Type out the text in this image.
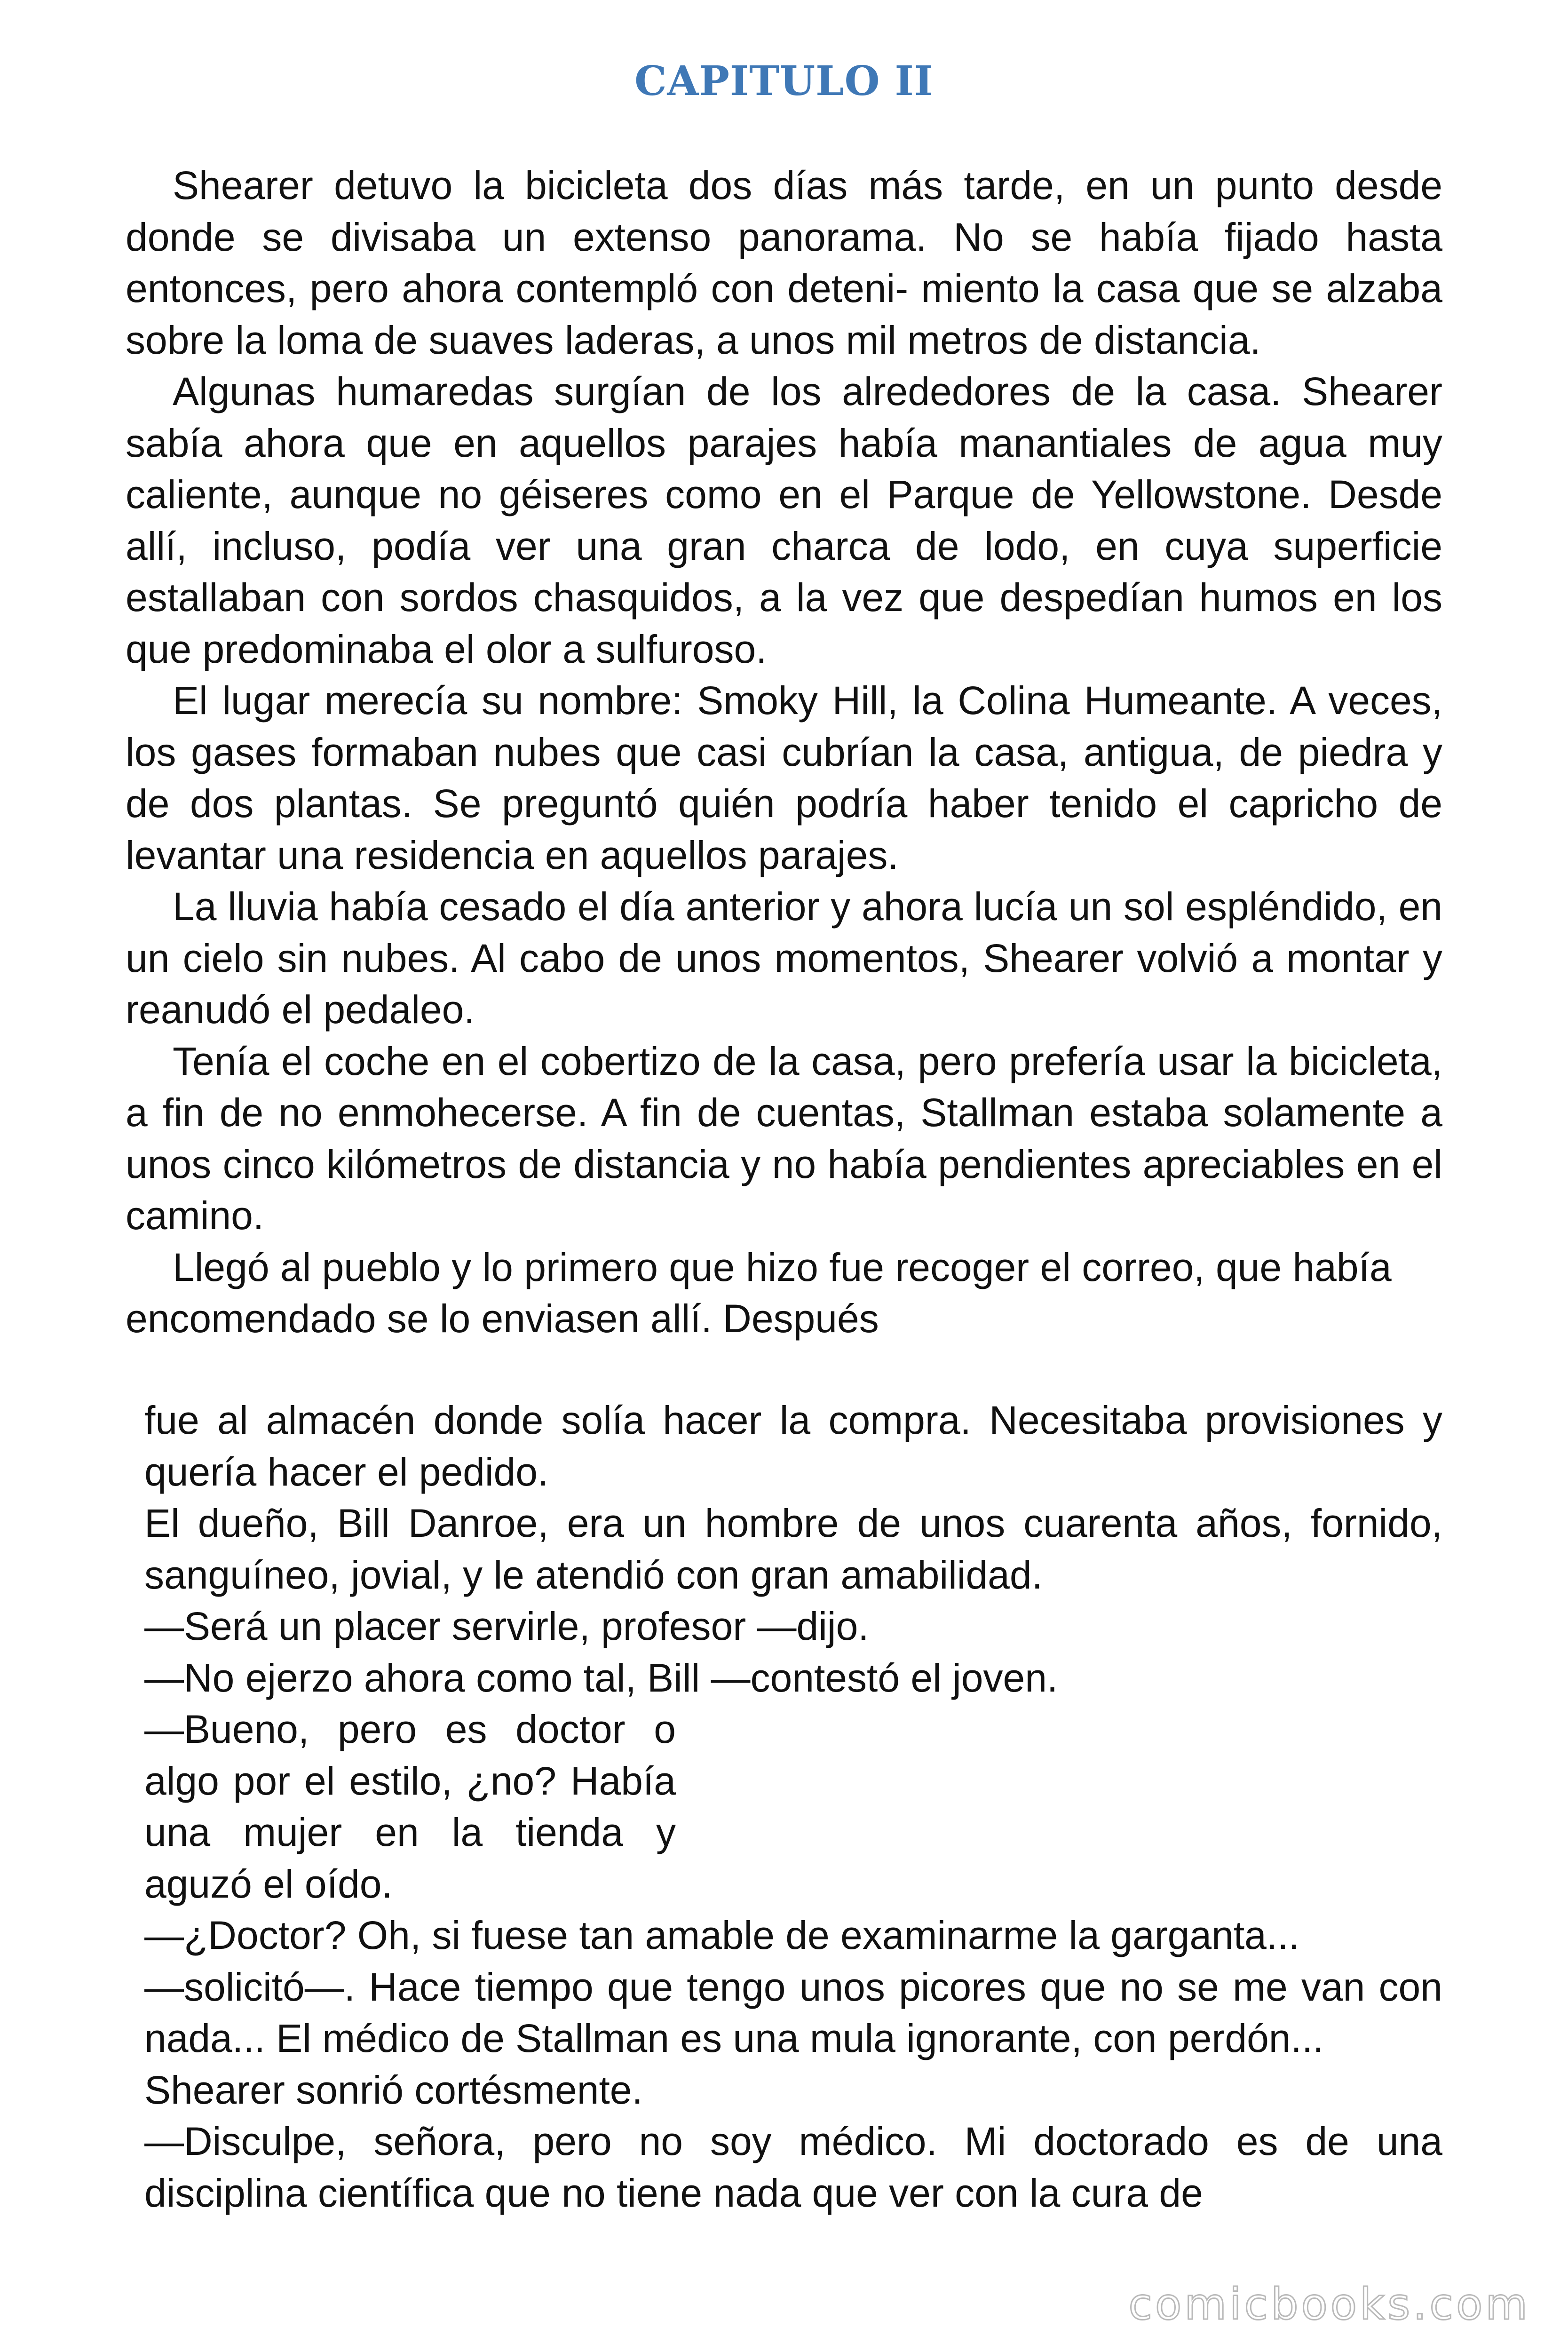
CAPITULO II

Shearer detuvo la bicicleta dos días más tarde, en un punto desde donde se divisaba un extenso panorama. No se había fijado hasta entonces, pero ahora contempló con deteni- miento la casa que se alzaba sobre la loma de suaves laderas, a unos mil metros de distancia.

Algunas humaredas surgían de los alrededores de la casa. Shearer sabía ahora que en aquellos parajes había manantiales de agua muy caliente, aunque no géiseres como en el Parque de Yellowstone. Desde allí, incluso, podía ver una gran charca de lodo, en cuya superficie estallaban con sordos chasquidos, a la vez que despedían humos en los que predominaba el olor a sulfuroso.

El lugar merecía su nombre: Smoky Hill, la Colina Humeante. A veces, los gases formaban nubes que casi cubrían la casa, antigua, de piedra y de dos plantas. Se preguntó quién podría haber tenido el capricho de levantar una residencia en aquellos parajes.

La lluvia había cesado el día anterior y ahora lucía un sol espléndido, en un cielo sin nubes. Al cabo de unos momentos, Shearer volvió a montar y reanudó el pedaleo.

Tenía el coche en el cobertizo de la casa, pero prefería usar la bicicleta, a fin de no enmohecerse. A fin de cuentas, Stallman estaba solamente a unos cinco kilómetros de distancia y no había pendientes apreciables en el camino.

Llegó al pueblo y lo primero que hizo fue recoger el correo, que había encomendado se lo enviasen allí. Después

fue al almacén donde solía hacer la compra. Necesitaba provisiones y quería hacer el pedido.

El dueño, Bill Danroe, era un hombre de unos cuarenta años, fornido, sanguíneo, jovial, y le atendió con gran amabilidad.

—Será un placer servirle, profesor —dijo.

—No ejerzo ahora como tal, Bill —contestó el joven.

—Bueno, pero es doctor o algo por el estilo, ¿no? Había una mujer en la tienda y aguzó el oído.

—¿Doctor? Oh, si fuese tan amable de examinarme la garganta...

—solicitó—. Hace tiempo que tengo unos picores que no se me van con nada... El médico de Stallman es una mula ignorante, con perdón...

Shearer sonrió cortésmente.

—Disculpe, señora, pero no soy médico. Mi doctorado es de una disciplina científica que no tiene nada que ver con la cura de

comicbooks.com
